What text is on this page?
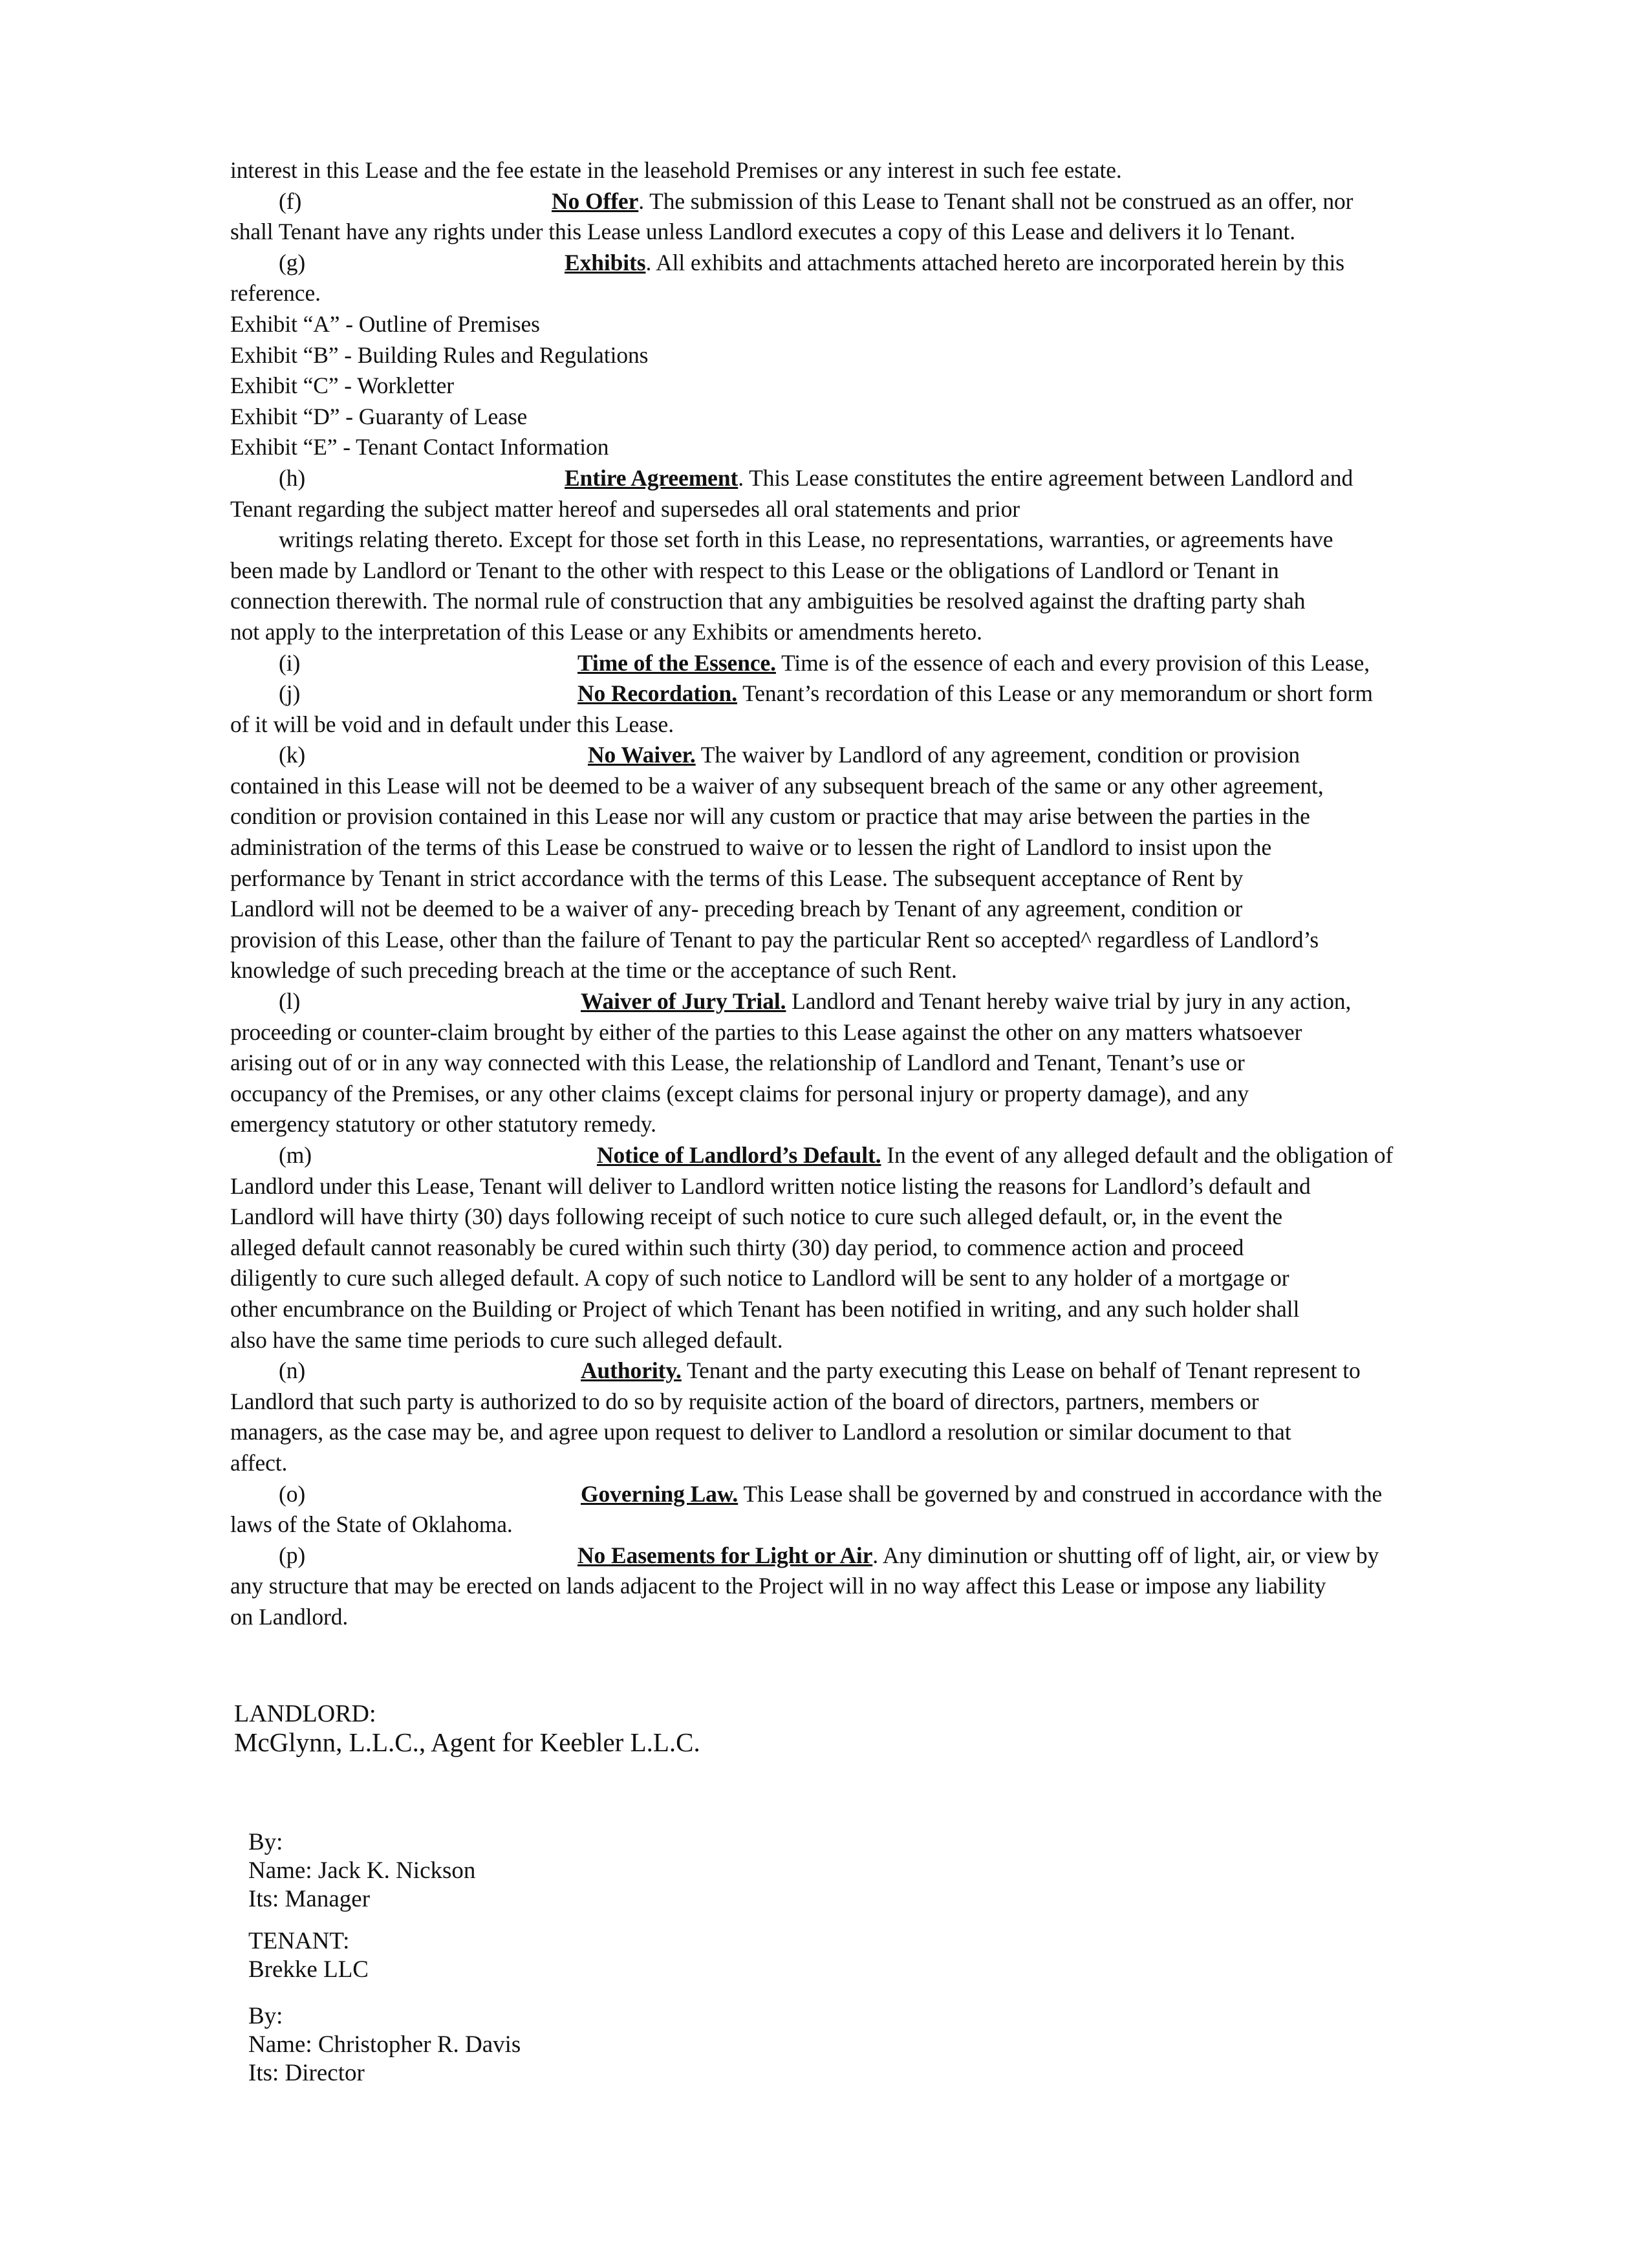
interest in this Lease and the fee estate in the leasehold Premises or any interest in such fee estate.
(f)	No Offer. The submission of this Lease to Tenant shall not be construed as an offer, nor
shall Tenant have any rights under this Lease unless Landlord executes a copy of this Lease and delivers it lo Tenant.
(g)	Exhibits. All exhibits and attachments attached hereto are incorporated herein by this
reference.
Exhibit “A” - Outline of Premises
Exhibit “B” - Building Rules and Regulations
Exhibit “C” - Workletter
Exhibit “D” - Guaranty of Lease
Exhibit “E” - Tenant Contact Information
(h)	Entire Agreement. This Lease constitutes the entire agreement between Landlord and
Tenant regarding the subject matter hereof and supersedes all oral statements and prior
writings relating thereto. Except for those set forth in this Lease, no representations, warranties, or agreements have
been made by Landlord or Tenant to the other with respect to this Lease or the obligations of Landlord or Tenant in
connection therewith. The normal rule of construction that any ambiguities be resolved against the drafting party shah
not apply to the interpretation of this Lease or any Exhibits or amendments hereto.
(i)	Time of the Essence. Time is of the essence of each and every provision of this Lease,
(j)	No Recordation. Tenant’s recordation of this Lease or any memorandum or short form
of it will be void and in default under this Lease.
(k)	No Waiver. The waiver by Landlord of any agreement, condition or provision
contained in this Lease will not be deemed to be a waiver of any subsequent breach of the same or any other agreement,
condition or provision contained in this Lease nor will any custom or practice that may arise between the parties in the
administration of the terms of this Lease be construed to waive or to lessen the right of Landlord to insist upon the
performance by Tenant in strict accordance with the terms of this Lease. The subsequent acceptance of Rent by
Landlord will not be deemed to be a waiver of any- preceding breach by Tenant of any agreement, condition or
provision of this Lease, other than the failure of Tenant to pay the particular Rent so accepted^ regardless of Landlord’s
knowledge of such preceding breach at the time or the acceptance of such Rent.
(l)	Waiver of Jury Trial. Landlord and Tenant hereby waive trial by jury in any action,
proceeding or counter-claim brought by either of the parties to this Lease against the other on any matters whatsoever
arising out of or in any way connected with this Lease, the relationship of Landlord and Tenant, Tenant’s use or
occupancy of the Premises, or any other claims (except claims for personal injury or property damage), and any
emergency statutory or other statutory remedy.
(m)	Notice of Landlord’s Default. In the event of any alleged default and the obligation of
Landlord under this Lease, Tenant will deliver to Landlord written notice listing the reasons for Landlord’s default and
Landlord will have thirty (30) days following receipt of such notice to cure such alleged default, or, in the event the
alleged default cannot reasonably be cured within such thirty (30) day period, to commence action and proceed
diligently to cure such alleged default. A copy of such notice to Landlord will be sent to any holder of a mortgage or
other encumbrance on the Building or Project of which Tenant has been notified in writing, and any such holder shall
also have the same time periods to cure such alleged default.
(n)	Authority. Tenant and the party executing this Lease on behalf of Tenant represent to
Landlord that such party is authorized to do so by requisite action of the board of directors, partners, members or
managers, as the case may be, and agree upon request to deliver to Landlord a resolution or similar document to that
affect.
(o)	Governing Law. This Lease shall be governed by and construed in accordance with the
laws of the State of Oklahoma.
(p)	No Easements for Light or Air. Any diminution or shutting off of light, air, or view by
any structure that may be erected on lands adjacent to the Project will in no way affect this Lease or impose any liability
on Landlord.
LANDLORD:
McGlynn, L.L.C., Agent for Keebler L.L.C.
By:
Name: Jack K. Nickson
Its: Manager
TENANT:
Brekke LLC
By:
Name: Christopher R. Davis
Its: Director
